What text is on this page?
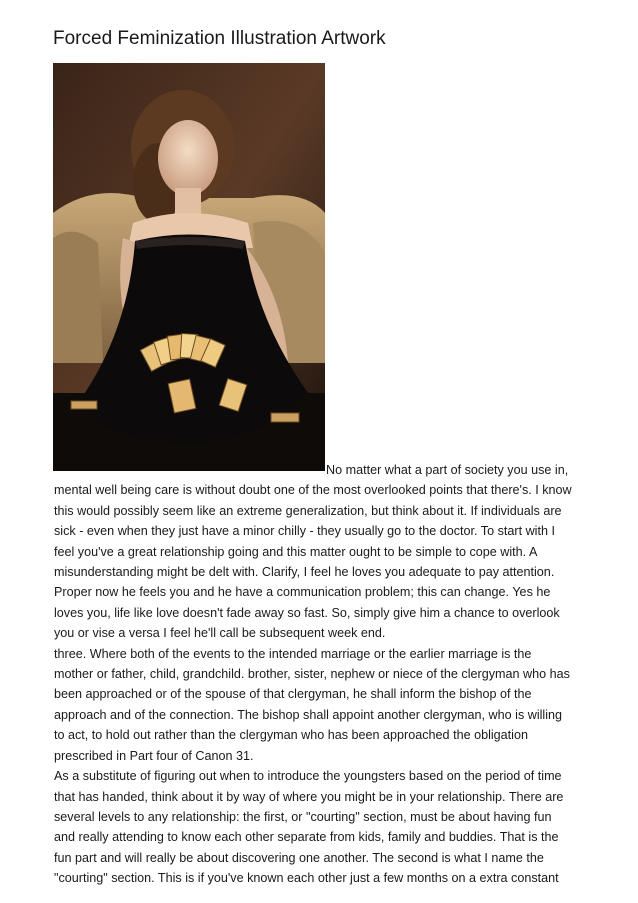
Forced Feminization Illustration Artwork

No matter what a part of society you use in,
mental well being care is without doubt one of the most overlooked points that there's. I know
this would possibly seem like an extreme generalization, but think about it. If individuals are
sick - even when they just have a minor chilly - they usually go to the doctor. To start with I
feel you've a great relationship going and this matter ought to be simple to cope with. A
misunderstanding might be delt with. Clarify, I feel he loves you adequate to pay attention.
Proper now he feels you and he have a communication problem; this can change. Yes he
loves you, life like love doesn't fade away so fast. So, simply give him a chance to overlook
you or vise a versa I feel he'll call be subsequent week end.

three. Where both of the events to the intended marriage or the earlier marriage is the
mother or father, child, grandchild. brother, sister, nephew or niece of the clergyman who has
been approached or of the spouse of that clergyman, he shall inform the bishop of the
approach and of the connection. The bishop shall appoint another clergyman, who is willing
to act, to hold out rather than the clergyman who has been approached the obligation
prescribed in Part four of Canon 31.

As a substitute of figuring out when to introduce the youngsters based on the period of time
that has handed, think about it by way of where you might be in your relationship. There are
several levels to any relationship: the first, or "courting" section, must be about having fun
and really attending to know each other separate from kids, family and buddies. That is the
fun part and will really be about discovering one another. The second is what I name the
"courting" section. This is if you've known each other just a few months on a extra constant
